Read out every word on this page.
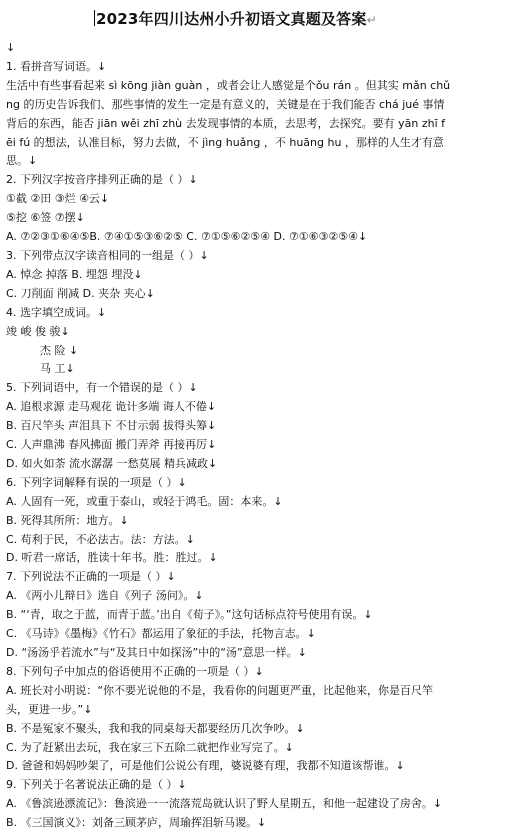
2023年四川达州小升初语文真题及答案↵
↓
1. 看拼音写词语。↓
生活中有些事看起来 sì kōng jiàn guàn ，或者会让人感觉是个ǒu rán 。但其实 mǎn chǔ
ng 的历史告诉我们、那些事情的发生一定是有意义的，关键是在于我们能否 chá jué 事情
背后的东西，能否 jiān wěi zhī zhù 去发现事情的本质，去思考，去探究。要有 yān zhī f
ēi fú 的想法，认准目标，努力去做，不 jìng huǎng ，不 huāng hu ，那样的人生才有意
思。↓
2. 下列汉字按音序排列正确的是（ ）↓
①截 ②田 ③烂 ④云↓
⑤挖 ⑥签 ⑦摆↓
A. ⑦②③①⑥④⑤B. ⑦④①⑤③⑥②⑤ C. ⑦①⑤⑥②⑤④ D. ⑦①⑥③②⑤④↓
3. 下列带点汉字读音相同的一组是（ ）↓
A. 悼念 掉落 B. 埋怨 埋没↓
C. 刀削面 削减 D. 夹杂 夹心↓
4. 选字填空成词。↓
竣 峻 俊 骏↓
杰 险 ↓
马 工↓
5. 下列词语中，有一个错误的是（ ）↓
A. 追根求源 走马观花 诡计多端 诲人不倦↓
B. 百尺竿头 声泪具下 不甘示弱 拔得头筹↓
C. 人声鼎沸 春风拂面 搬门弄斧 再接再厉↓
D. 如火如荼 流水潺潺 一愁莫展 精兵减政↓
6. 下列字词解释有误的一项是（ ）↓
A. 人固有一死，或重于泰山，或轻于鸿毛。固：本来。↓
B. 死得其所所：地方。↓
C. 苟利于民，不必法古。法：方法。↓
D. 听君一席话，胜读十年书。胜：胜过。↓
7. 下列说法不正确的一项是（ ）↓
A. 《两小儿辩日》选自《列子 汤问》。↓
B. “‘青，取之于蓝，而青于蓝。’出自《荀子》。”这句话标点符号使用有误。↓
C. 《马诗》《墨梅》《竹石》都运用了象征的手法，托物言志。↓
D. “汤汤乎若流水”与“及其日中如探汤”中的“汤”意思一样。↓
8. 下列句子中加点的俗语使用不正确的一项是（ ）↓
A. 班长对小明说：“你不要光说他的不是，我看你的问题更严重，比起他来，你是百尺竿
头，更进一步。”↓
B. 不是冤家不聚头，我和我的同桌每天都要经历几次争吵。↓
C. 为了赶紧出去玩，我在家三下五除二就把作业写完了。↓
D. 爸爸和妈妈吵架了，可是他们公说公有理，婆说婆有理，我都不知道该帮谁。↓
9. 下列关于名著说法正确的是（ ）↓
A. 《鲁滨逊漂流记》：鲁滨逊一一流落荒岛就认识了野人星期五，和他一起建设了房舍。↓
B. 《三国演义》：刘备三顾茅庐，周瑜挥泪斩马谡。↓
